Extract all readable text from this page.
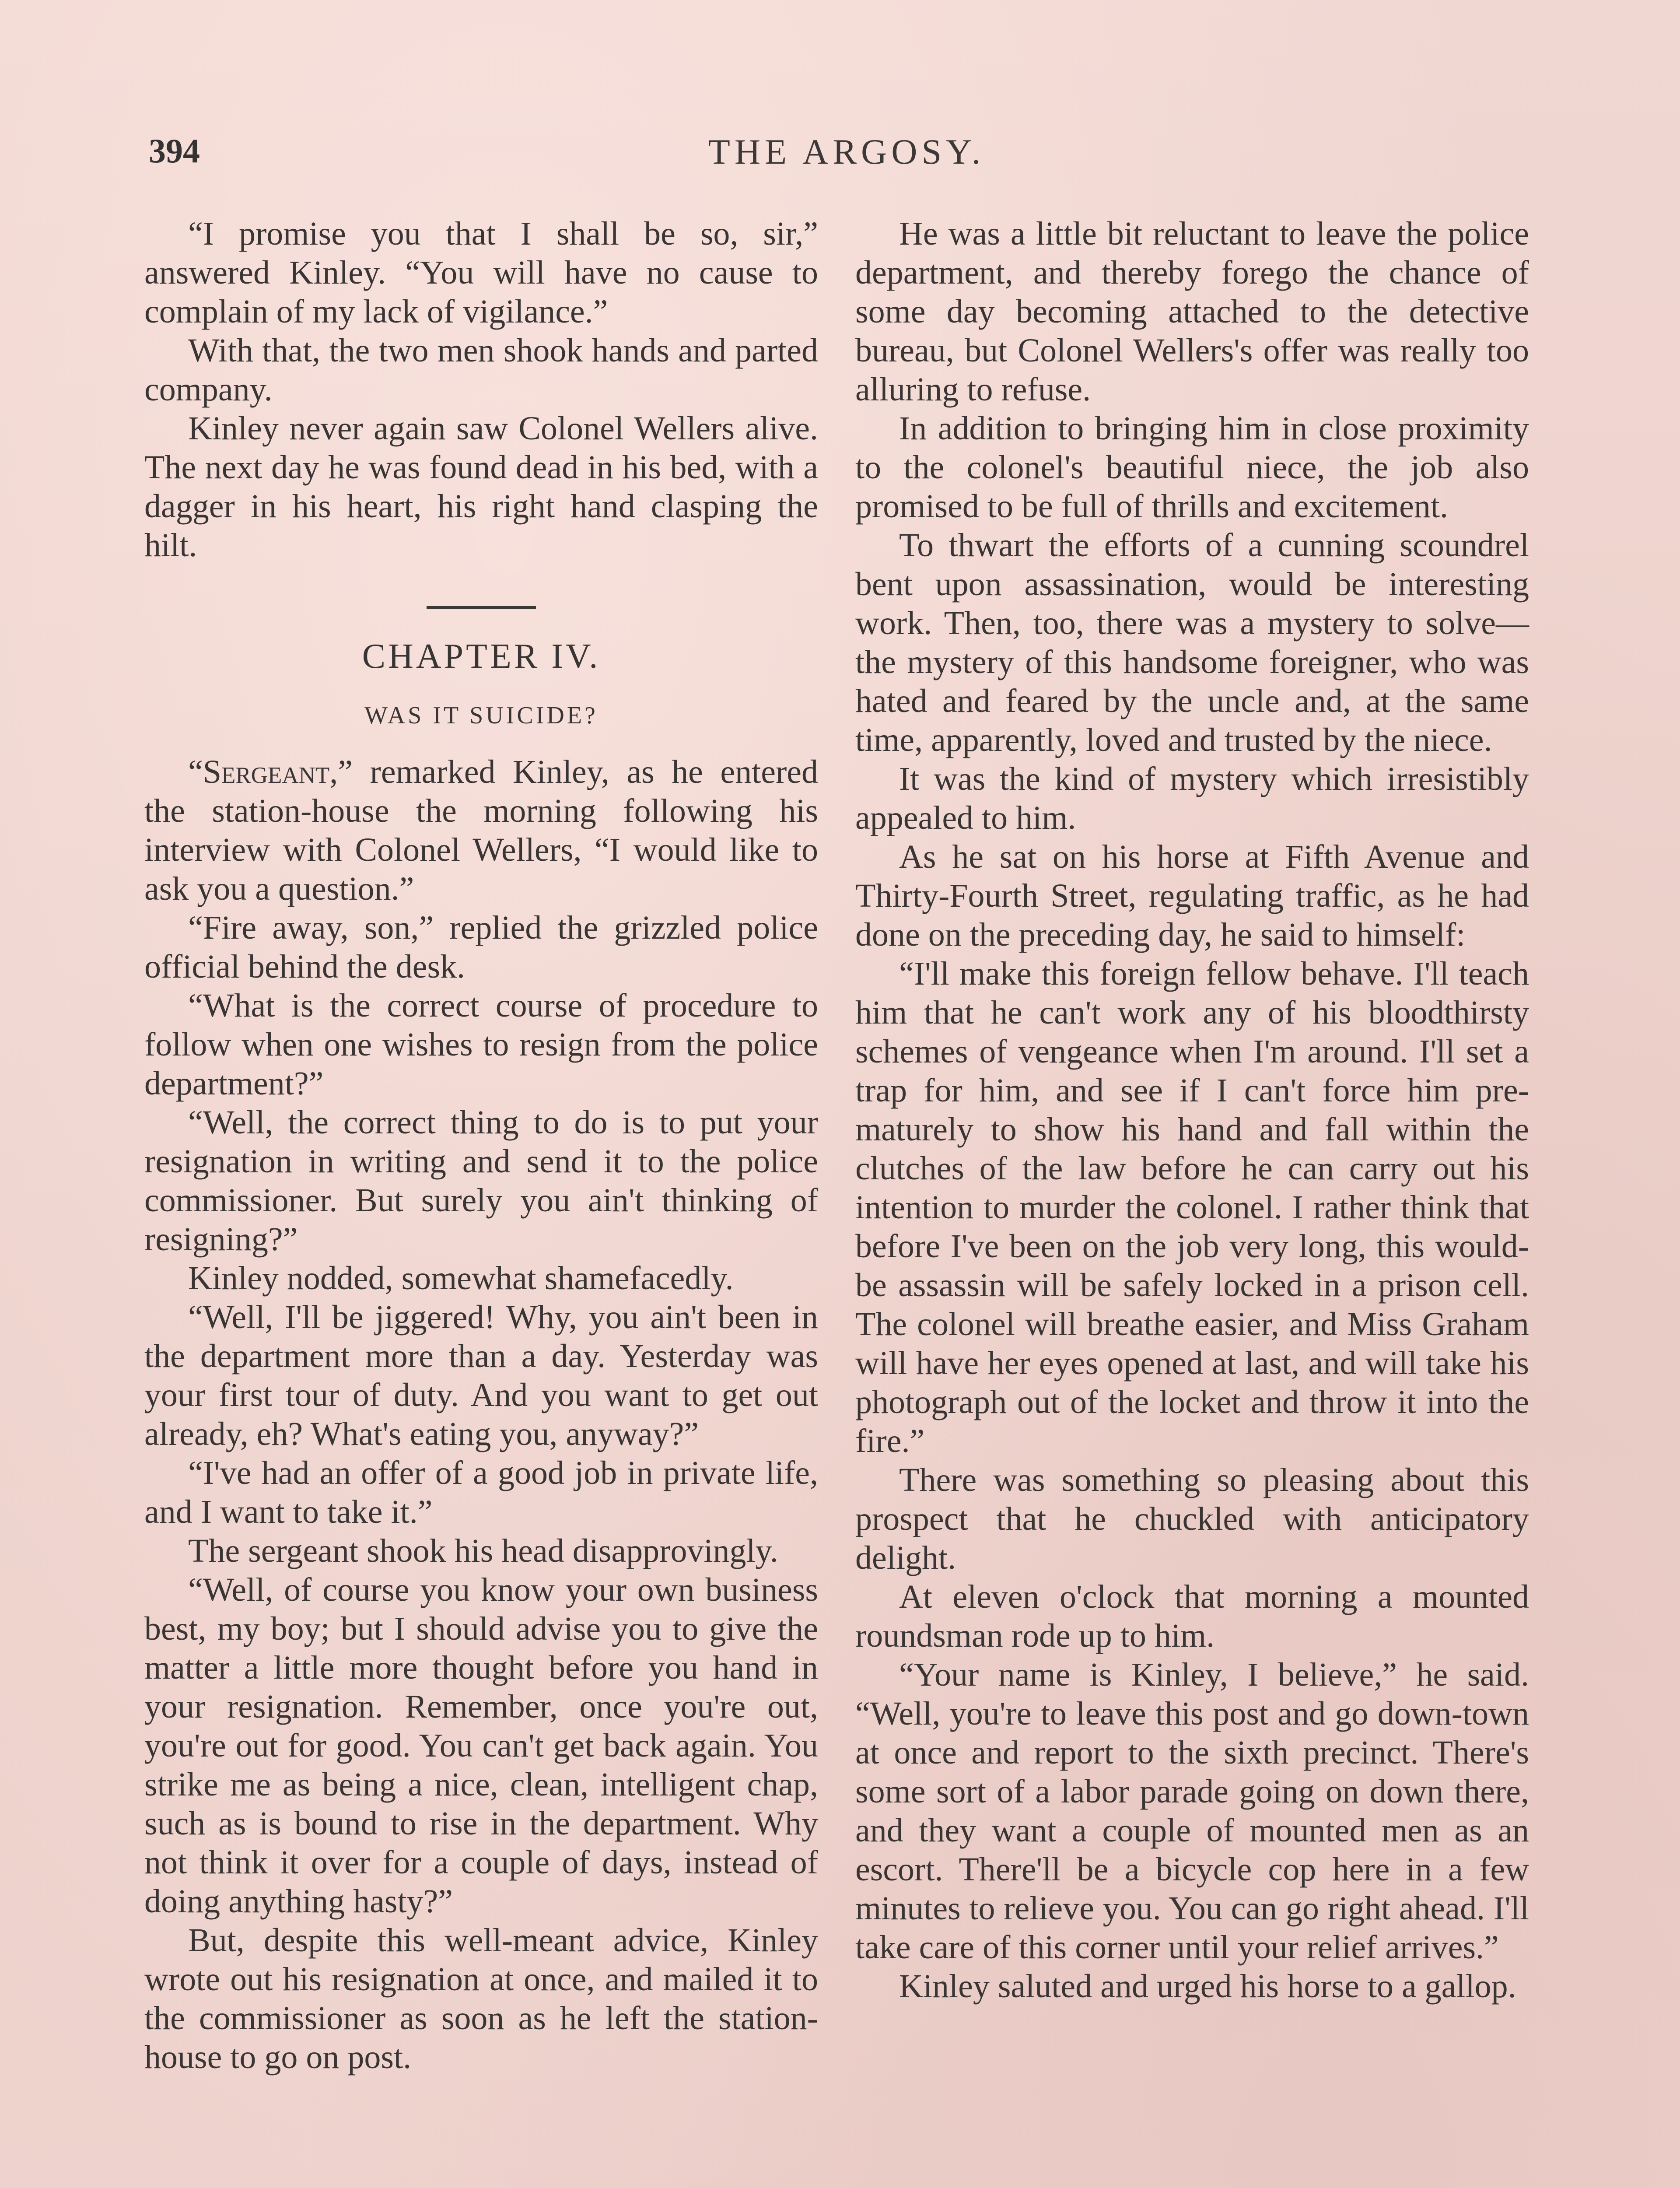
THE ARGOSY.
394

“I promise you that I shall be so, sir,” answered Kinley. “You will have no cause to complain of my lack of vigilance.”

With that, the two men shook hands and parted company.

Kinley never again saw Colonel Wellers alive. The next day he was found dead in his bed, with a dagger in his heart, his right hand clasping the hilt.

CHAPTER IV.
WAS IT SUICIDE?

“Sergeant,” remarked Kinley, as he entered the station-house the morning following his interview with Colonel Wellers, “I would like to ask you a question.”

“Fire away, son,” replied the grizzled police official behind the desk.

“What is the correct course of procedure to follow when one wishes to resign from the police department?”

“Well, the correct thing to do is to put your resignation in writing and send it to the police commissioner. But surely you ain't thinking of resigning?”

Kinley nodded, somewhat shamefacedly.

“Well, I'll be jiggered! Why, you ain't been in the department more than a day. Yesterday was your first tour of duty. And you want to get out already, eh? What's eating you, anyway?”

“I've had an offer of a good job in private life, and I want to take it.”

The sergeant shook his head disapprovingly.

“Well, of course you know your own business best, my boy; but I should advise you to give the matter a little more thought before you hand in your resignation. Remember, once you're out, you're out for good. You can't get back again. You strike me as being a nice, clean, intelligent chap, such as is bound to rise in the department. Why not think it over for a couple of days, instead of doing anything hasty?”

But, despite this well-meant advice, Kinley wrote out his resignation at once, and mailed it to the commissioner as soon as he left the station-house to go on post.

He was a little bit reluctant to leave the police department, and thereby forego the chance of some day becoming attached to the detective bureau, but Colonel Wellers's offer was really too alluring to refuse.

In addition to bringing him in close proximity to the colonel's beautiful niece, the job also promised to be full of thrills and excitement.

To thwart the efforts of a cunning scoundrel bent upon assassination, would be interesting work. Then, too, there was a mystery to solve—the mystery of this handsome foreigner, who was hated and feared by the uncle and, at the same time, apparently, loved and trusted by the niece.

It was the kind of mystery which irresistibly appealed to him.

As he sat on his horse at Fifth Avenue and Thirty-Fourth Street, regulating traffic, as he had done on the preceding day, he said to himself:

“I'll make this foreign fellow behave. I'll teach him that he can't work any of his bloodthirsty schemes of vengeance when I'm around. I'll set a trap for him, and see if I can't force him prematurely to show his hand and fall within the clutches of the law before he can carry out his intention to murder the colonel. I rather think that before I've been on the job very long, this would-be assassin will be safely locked in a prison cell. The colonel will breathe easier, and Miss Graham will have her eyes opened at last, and will take his photograph out of the locket and throw it into the fire.”

There was something so pleasing about this prospect that he chuckled with anticipatory delight.

At eleven o'clock that morning a mounted roundsman rode up to him.

“Your name is Kinley, I believe,” he said. “Well, you're to leave this post and go down-town at once and report to the sixth precinct. There's some sort of a labor parade going on down there, and they want a couple of mounted men as an escort. There'll be a bicycle cop here in a few minutes to relieve you. You can go right ahead. I'll take care of this corner until your relief arrives.”

Kinley saluted and urged his horse to a gallop.
